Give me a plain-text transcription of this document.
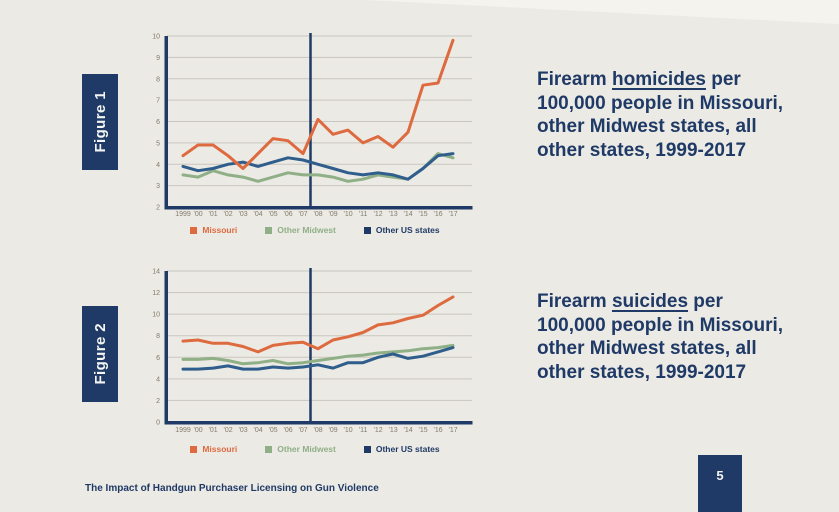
Figure 1
2
3
4
5
6
7
8
9
10
1999 ’00 ’01 ’02 ’03 ’04 ’05 ’06 ’07 ’08 ’09 ’10 ’11 ’12 ’13 ’14 ’15 ’16 ’17
Missouri	Other Midwest	Other US states
Firearm homicides per
100,000 people in Missouri,
other Midwest states, all
other states, 1999-2017
Figure 2
0
2
4
6
8
10
12
14
1999 ’00 ’01 ’02 ’03 ’04 ’05 ’06 ’07 ’08 ’09 ’10 ’11 ’12 ’13 ’14 ’15 ’16 ’17
Missouri	Other Midwest	Other US states
Firearm suicides per
100,000 people in Missouri,
other Midwest states, all
other states, 1999-2017
The Impact of Handgun Purchaser Licensing on Gun Violence
5
